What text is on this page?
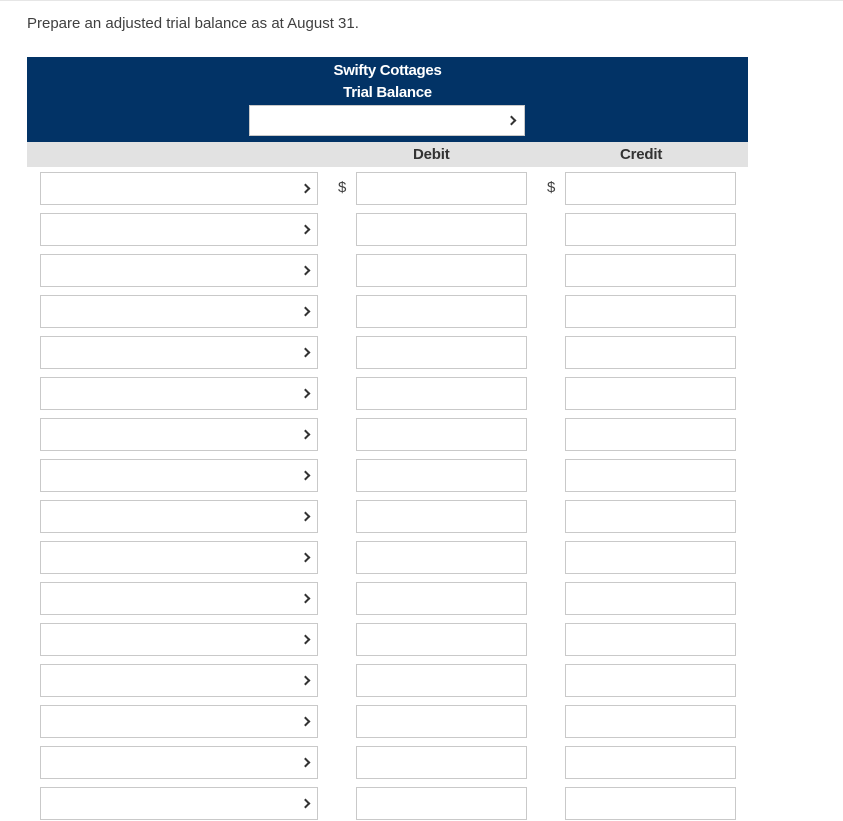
Prepare an adjusted trial balance as at August 31.
Swifty Cottages
Trial Balance
Debit	Credit
$	$
